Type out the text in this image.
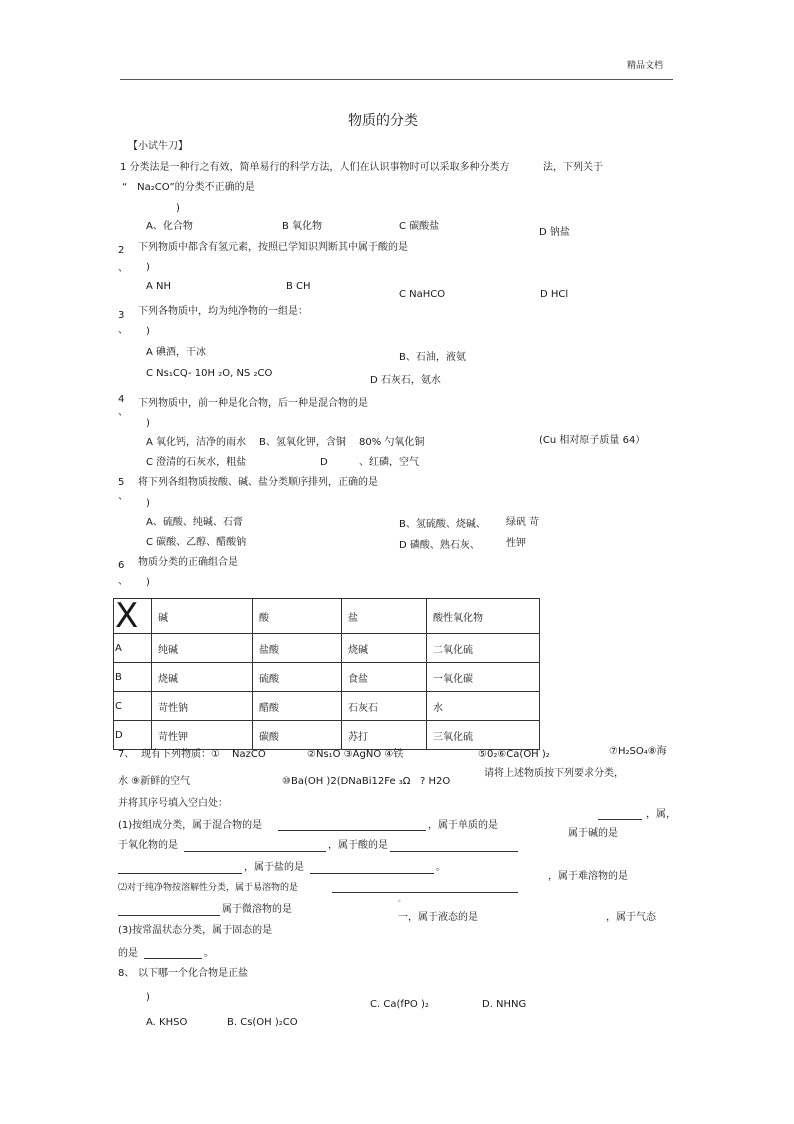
精品文档
物质的分类
【小试牛刀】
1 分类法是一种行之有效，简单易行的科学方法，人们在认识事物时可以采取多种分类方	法，下列关于
“　Na₂CO”的分类不正确的是
)
A、化合物	B 氧化物	C 碳酸盐
D 钠盐
2
、
下列物质中都含有氢元素，按照已学知识判断其中属于酸的是
)
A NH	B CH
C NaHCO	D HCl
3
、
下列各物质中，均为纯净物的一组是：
)
A 碘酒，干冰	B、石油，液氨
C Ns₁CQ- 10H ₂O, NS ₂CO
D 石灰石，氨水
4
、
下列物质中，前一种是化合物，后一种是混合物的是
)
A 氧化钙，洁净的雨水 B、氢氧化钾，含铜 80% 勺氧化铜	(Cu 相对原子质量 64）
C 澄清的石灰水，粗盐	D	、红磷，空气
5
、
将下列各组物质按酸、碱、盐分类顺序排列，正确的是
)
A、硫酸、纯碱、石膏	B、氢硫酸、烧碱、 绿矾 苛
C 碳酸、乙醇、醋酸钠	D 磷酸、熟石灰、	性钾
6
、
物质分类的正确组合是
)
X	碱	酸	盐	酸性氧化物
A	纯碱	盐酸	烧碱	二氧化硫
B	烧碱	硫酸	食盐	一氧化碳
C	苛性钠	醋酸	石灰石	水
D	苛性钾	碳酸	苏打	三氧化硫
7、 现有下列物质：① NazCO	②Ns₁O ③AgNO ④铁	⑤0₂⑥Ca(OH )₂	⑦H₂SO₄⑧海
水 ⑨新鲜的空气	⑩Ba(OH )2(DNaBi12Fe ₃Ω ? H2O
请将上述物质按下列要求分类，
并将其序号填入空白处：
，属，
(1)按组成分类，属于混合物的是	，属于单质的是
属于碱的是
于氧化物的是	，属于酸的是
，属于盐的是	。
⑵对于纯净物按溶解性分类，属于易溶物的是
，属于难溶物的是
。
属于微溶物的是
一，属于液态的是	，属于气态
(3)按常温状态分类，属于固态的是
的是	。
8、 以下哪一个化合物是正盐
)
C. Ca(fPO )₂	D. NHNG
A. KHSO	B. Cs(OH )₂CO
